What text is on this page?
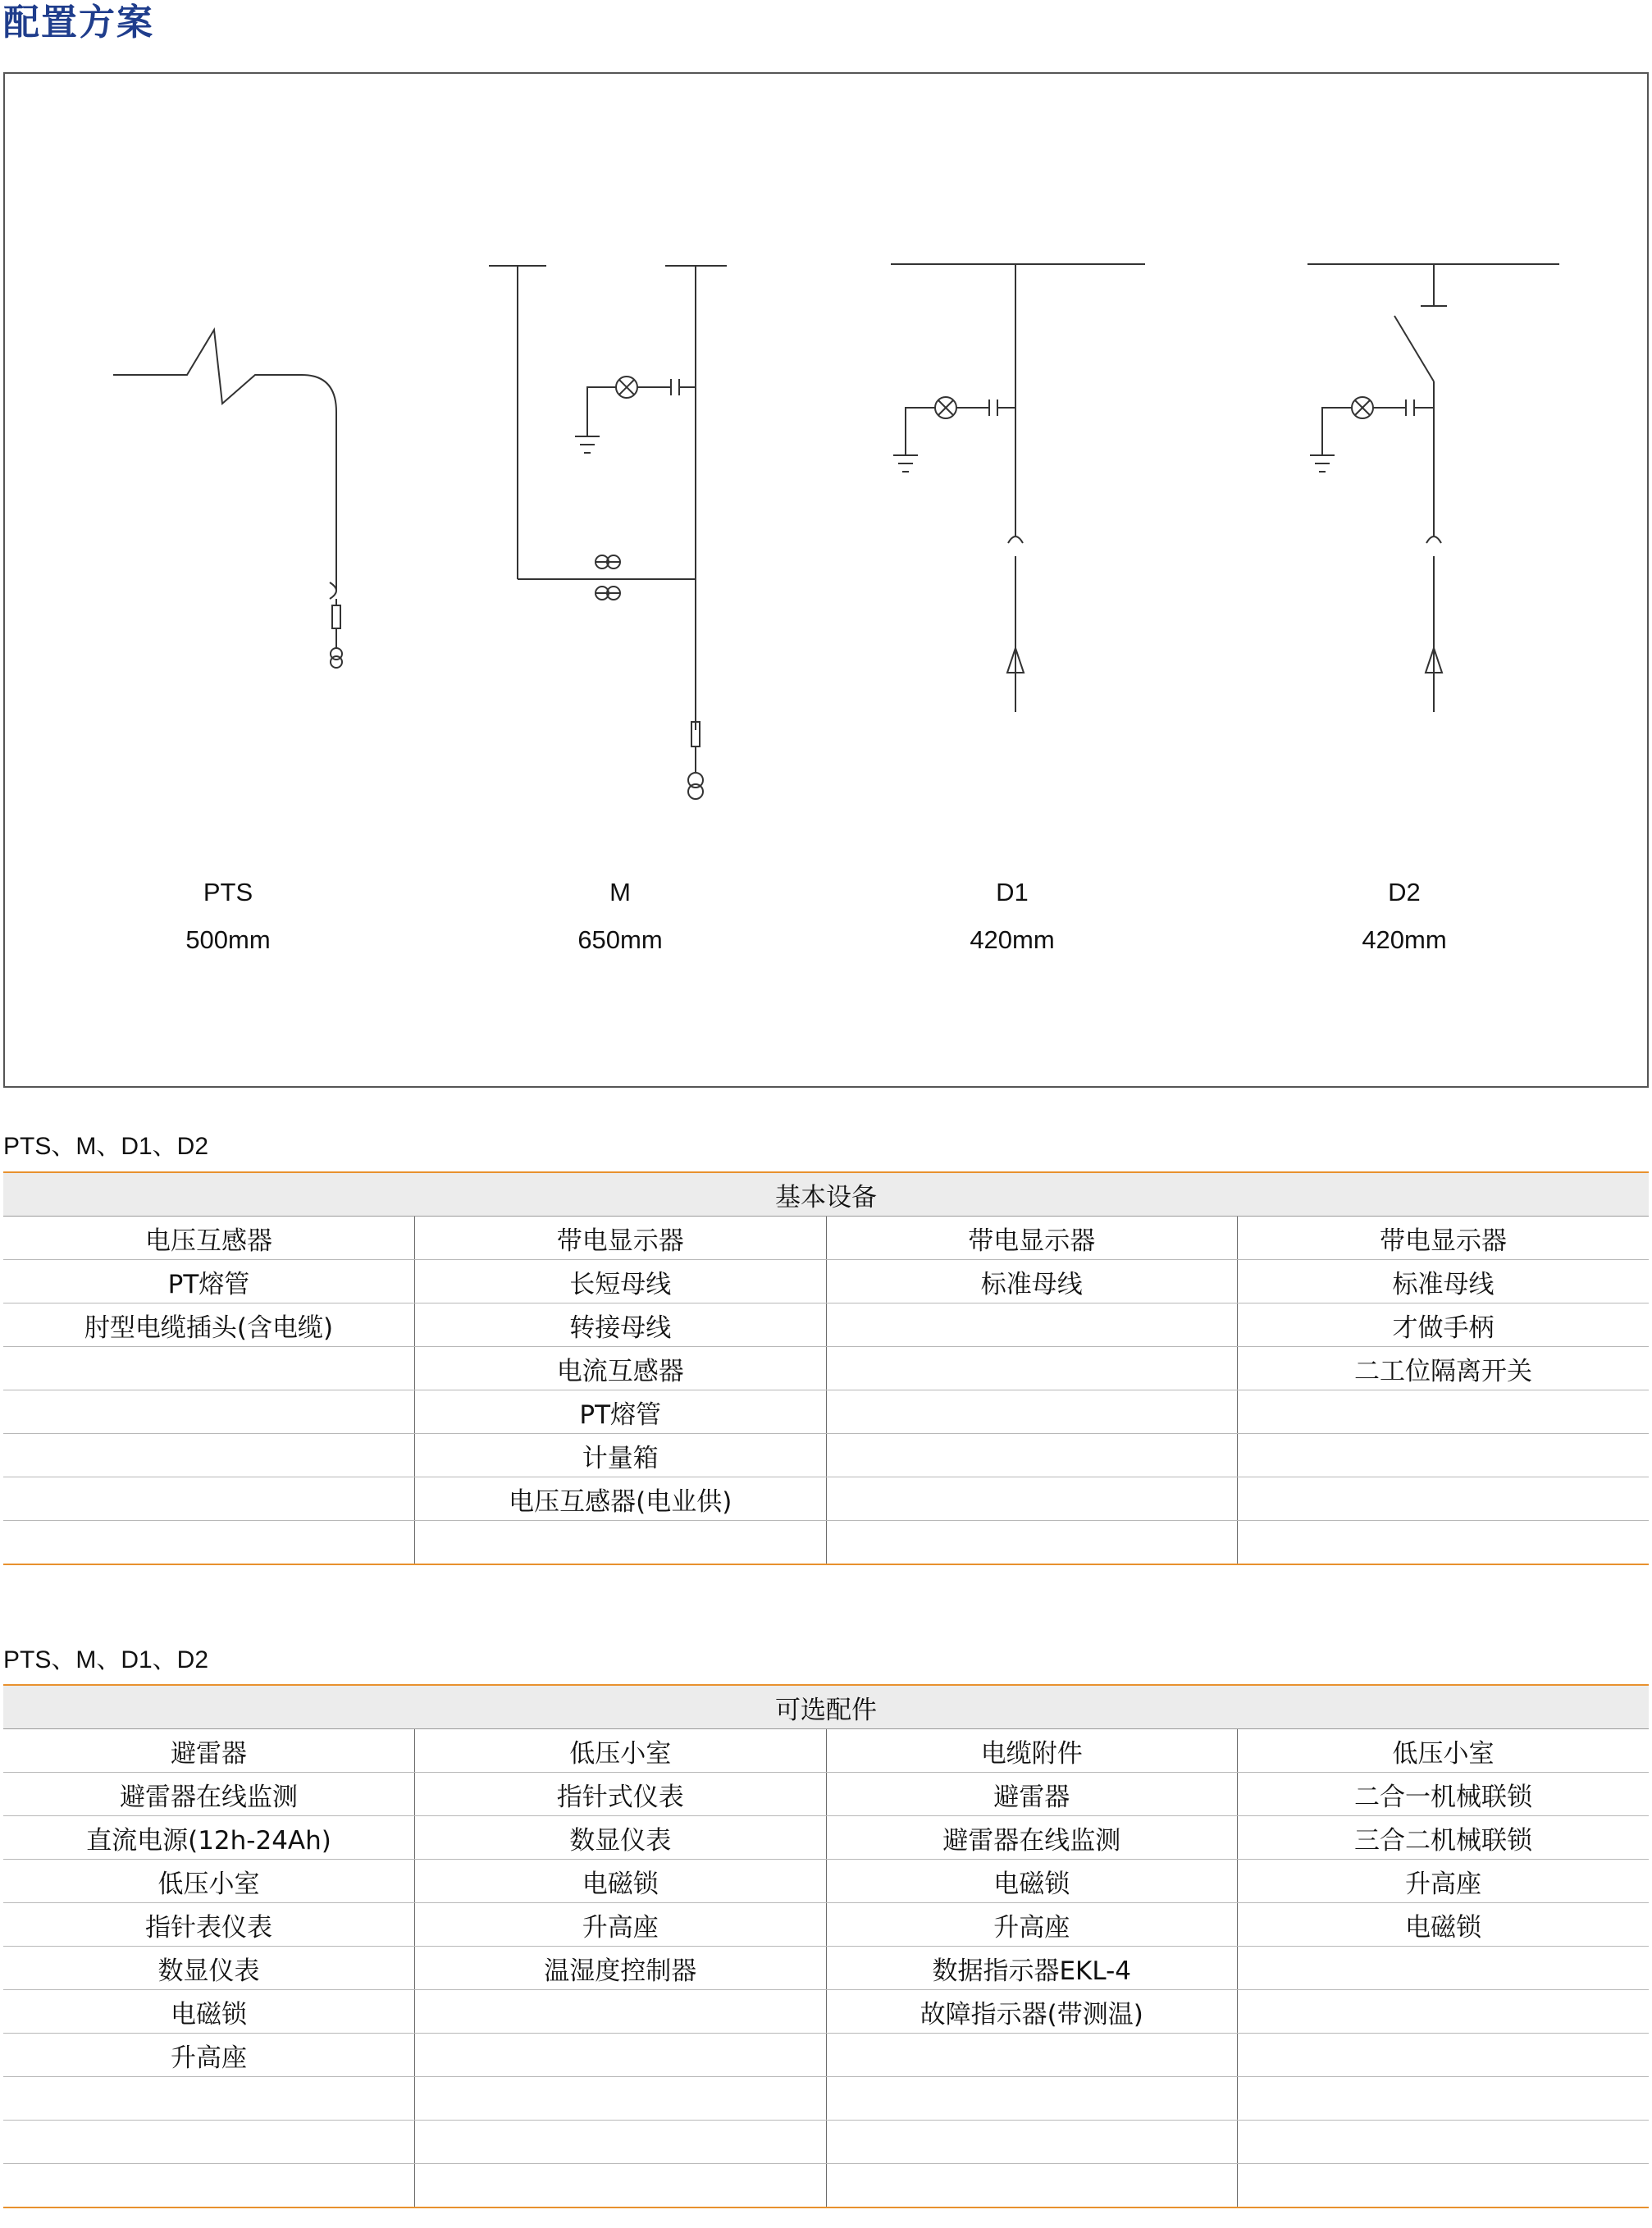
配置方案
PTS
500mm
M
650mm
D1
420mm
D2
420mm
PTS、M、D1、D2
基本设备			
电压互感器	带电显示器	带电显示器	带电显示器
PT熔管	长短母线	标准母线	标准母线
肘型电缆插头(含电缆)	转接母线		才做手柄
	电流互感器		二工位隔离开关
	PT熔管		
	计量箱		
	电压互感器(电业供)		

PTS、M、D1、D2
可选配件			
避雷器	低压小室	电缆附件	低压小室
避雷器在线监测	指针式仪表	避雷器	二合一机械联锁
直流电源(12h-24Ah)	数显仪表	避雷器在线监测	三合二机械联锁
低压小室	电磁锁	电磁锁	升高座
指针表仪表	升高座	升高座	电磁锁
数显仪表	温湿度控制器	数据指示器EKL-4	
电磁锁		故障指示器(带测温)	
升高座			
